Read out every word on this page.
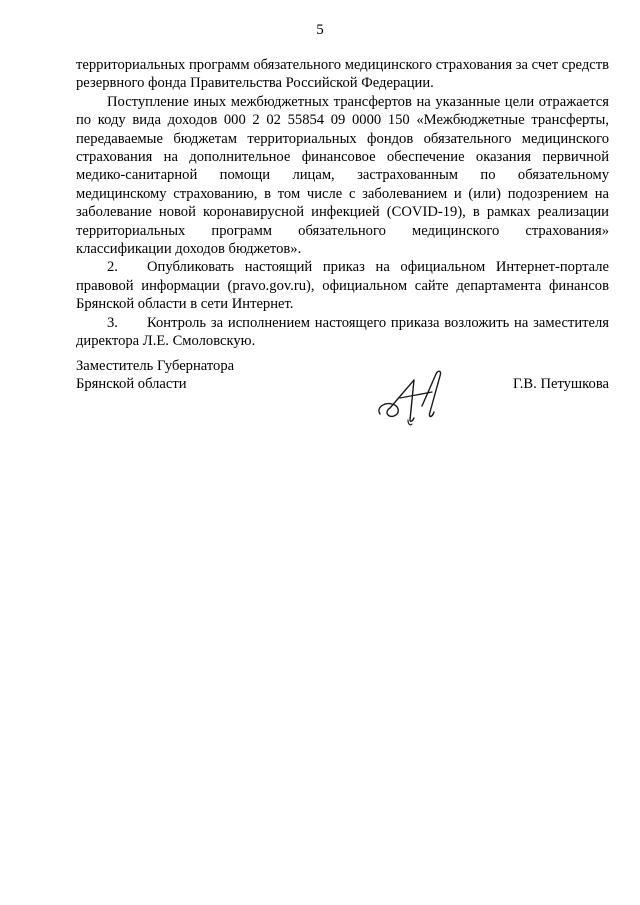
5

территориальных программ обязательного медицинского страхования за счет средств резервного фонда Правительства Российской Федерации.

Поступление иных межбюджетных трансфертов на указанные цели отражается по коду вида доходов 000 2 02 55854 09 0000 150 «Межбюджетные трансферты, передаваемые бюджетам территориальных фондов обязательного медицинского страхования на дополнительное финансовое обеспечение оказания первичной медико-санитарной помощи лицам, застрахованным по обязательному медицинскому страхованию, в том числе с заболеванием и (или) подозрением на заболевание новой коронавирусной инфекцией (COVID-19), в рамках реализации территориальных программ обязательного медицинского страхования» классификации доходов бюджетов».

2. Опубликовать настоящий приказ на официальном Интернет-портале правовой информации (pravo.gov.ru), официальном сайте департамента финансов Брянской области в сети Интернет.

3. Контроль за исполнением настоящего приказа возложить на заместителя директора Л.Е. Смоловскую.

Заместитель Губернатора

Брянской области	Г.В. Петушкова
